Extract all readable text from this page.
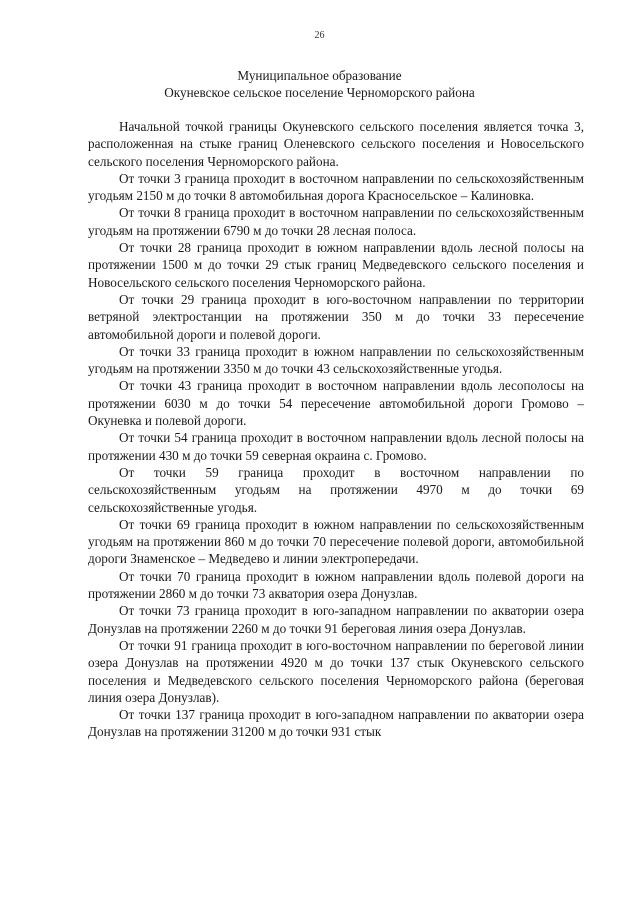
26
Муниципальное образование
Окуневское сельское поселение Черноморского района

Начальной точкой границы Окуневского сельского поселения является точка 3, расположенная на стыке границ Оленевского сельского поселения и Новосельского сельского поселения Черноморского района.

От точки 3 граница проходит в восточном направлении по сельскохозяйственным угодьям 2150 м до точки 8 автомобильная дорога Красносельское – Калиновка.

От точки 8 граница проходит в восточном направлении по сельскохозяйственным угодьям на протяжении 6790 м до точки 28 лесная полоса.

От точки 28 граница проходит в южном направлении вдоль лесной полосы на протяжении 1500 м до точки 29 стык границ Медведевского сельского поселения и Новосельского сельского поселения Черноморского района.

От точки 29 граница проходит в юго-восточном направлении по территории ветряной электростанции на протяжении 350 м до точки 33 пересечение автомобильной дороги и полевой дороги.

От точки 33 граница проходит в южном направлении по сельскохозяйственным угодьям на протяжении 3350 м до точки 43 сельскохозяйственные угодья.

От точки 43 граница проходит в восточном направлении вдоль лесополосы на протяжении 6030 м до точки 54 пересечение автомобильной дороги Громово – Окуневка и полевой дороги.

От точки 54 граница проходит в восточном направлении вдоль лесной полосы на протяжении 430 м до точки 59 северная окраина с. Громово.

От точки 59 граница проходит в восточном направлении по сельскохозяйственным угодьям на протяжении 4970 м до точки 69 сельскохозяйственные угодья.

От точки 69 граница проходит в южном направлении по сельскохозяйственным угодьям на протяжении 860 м до точки 70 пересечение полевой дороги, автомобильной дороги Знаменское – Медведево и линии электропередачи.

От точки 70 граница проходит в южном направлении вдоль полевой дороги на протяжении 2860 м до точки 73 акватория озера Донузлав.

От точки 73 граница проходит в юго-западном направлении по акватории озера Донузлав на протяжении 2260 м до точки 91 береговая линия озера Донузлав.

От точки 91 граница проходит в юго-восточном направлении по береговой линии озера Донузлав на протяжении 4920 м до точки 137 стык Окуневского сельского поселения и Медведевского сельского поселения Черноморского района (береговая линия озера Донузлав).

От точки 137 граница проходит в юго-западном направлении по акватории озера Донузлав на протяжении 31200 м до точки 931 стык
